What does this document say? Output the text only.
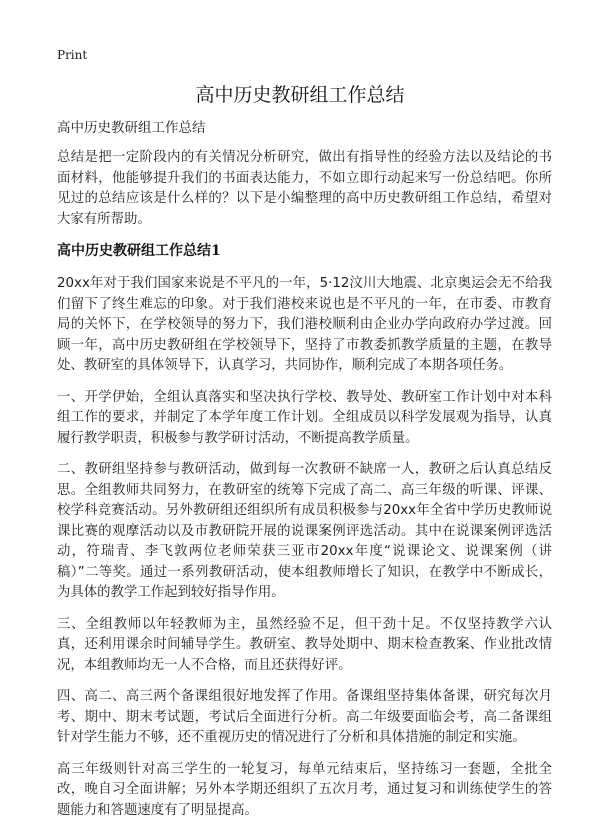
Print
高中历史教研组工作总结

高中历史教研组工作总结

总结是把一定阶段内的有关情况分析研究，做出有指导性的经验方法以及结论的书面材料，他能够提升我们的书面表达能力，不如立即行动起来写一份总结吧。你所见过的总结应该是什么样的？以下是小编整理的高中历史教研组工作总结，希望对大家有所帮助。

高中历史教研组工作总结1

20xx年对于我们国家来说是不平凡的一年，5·12汶川大地震、北京奥运会无不给我们留下了终生难忘的印象。对于我们港校来说也是不平凡的一年，在市委、市教育局的关怀下，在学校领导的努力下，我们港校顺利由企业办学向政府办学过渡。回顾一年，高中历史教研组在学校领导下，坚持了市教委抓教学质量的主题，在教导处、教研室的具体领导下，认真学习，共同协作，顺利完成了本期各项任务。

一、开学伊始，全组认真落实和坚决执行学校、教导处、教研室工作计划中对本科组工作的要求，并制定了本学年度工作计划。全组成员以科学发展观为指导，认真履行教学职责，积极参与教学研讨活动，不断提高教学质量。

二、教研组坚持参与教研活动，做到每一次教研不缺席一人，教研之后认真总结反思。全组教师共同努力，在教研室的统筹下完成了高二、高三年级的听课、评课、校学科竞赛活动。另外教研组还组织所有成员积极参与20xx年全省中学历史教师说课比赛的观摩活动以及市教研院开展的说课案例评选活动。其中在说课案例评选活动，符瑞青、李飞敦两位老师荣获三亚市20xx年度“说课论文、说课案例（讲稿）”二等奖。通过一系列教研活动，使本组教师增长了知识，在教学中不断成长，为具体的教学工作起到较好指导作用。

三、全组教师以年轻教师为主，虽然经验不足，但干劲十足。不仅坚持教学六认真，还利用课余时间辅导学生。教研室、教导处期中、期末检查教案、作业批改情况，本组教师均无一人不合格，而且还获得好评。

四、高二、高三两个备课组很好地发挥了作用。备课组坚持集体备课，研究每次月考、期中、期末考试题，考试后全面进行分析。高二年级要面临会考，高二备课组针对学生能力不够，还不重视历史的情况进行了分析和具体措施的制定和实施。

高三年级则针对高三学生的一轮复习，每单元结束后，坚持练习一套题，全批全改，晚自习全面讲解；另外本学期还组织了五次月考，通过复习和训练使学生的答题能力和答题速度有了明显提高。
